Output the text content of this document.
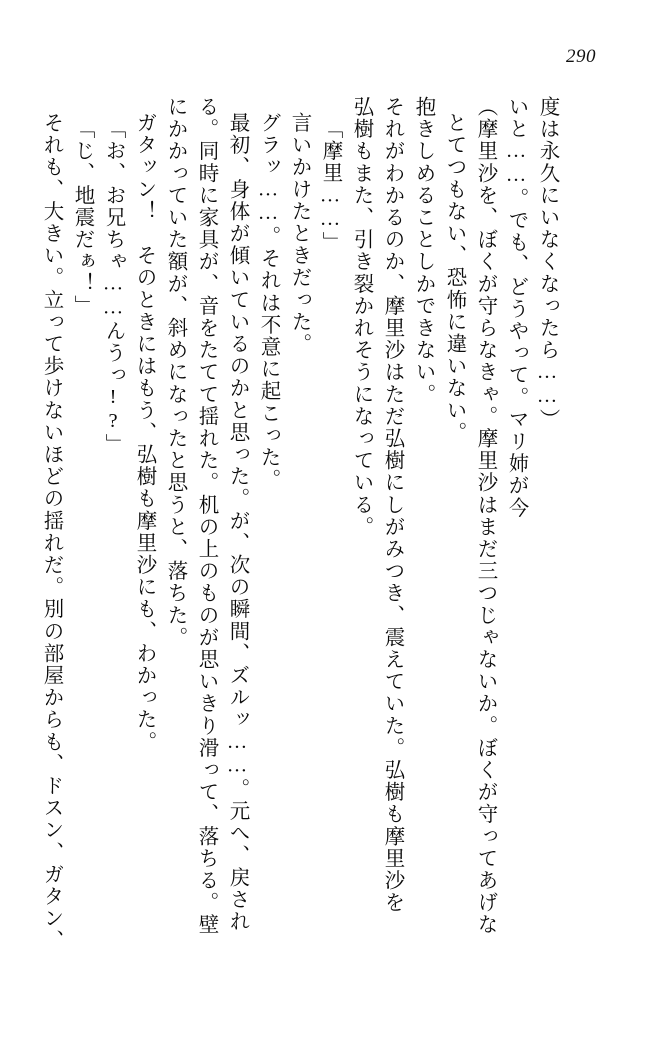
290
それも、大きい。立って歩けないほどの揺れだ。別の部屋からも、ドスン、ガタン、 「じ、地震だぁ！」 「お、お兄ちゃ……んうっ!?」 ガタッン！　そのときにはもう、弘樹も摩里沙にも、わかった。 にかかっていた額が、斜めになったと思うと、落ちた。 る。同時に家具が、音をたてて揺れた。机の上のものが思いきり滑って、落ちる。壁 最初、身体が傾いているのかと思った。が、次の瞬間、ズルッ……。元へ、戻され グラッ……。それは不意に起こった。 言いかけたときだった。 「摩里……」 弘樹もまた、引き裂かれそうになっている。 それがわかるのか、摩里沙はただ弘樹にしがみつき、震えていた。弘樹も摩里沙を 抱きしめることしかできない。 とてつもない、恐怖に違いない。 （摩里沙を、ぼくが守らなきゃ。摩里沙はまだ三つじゃないか。ぼくが守ってあげな いと……。でも、どうやって。マリ姉が今 度は永久にいなくなったら……）
